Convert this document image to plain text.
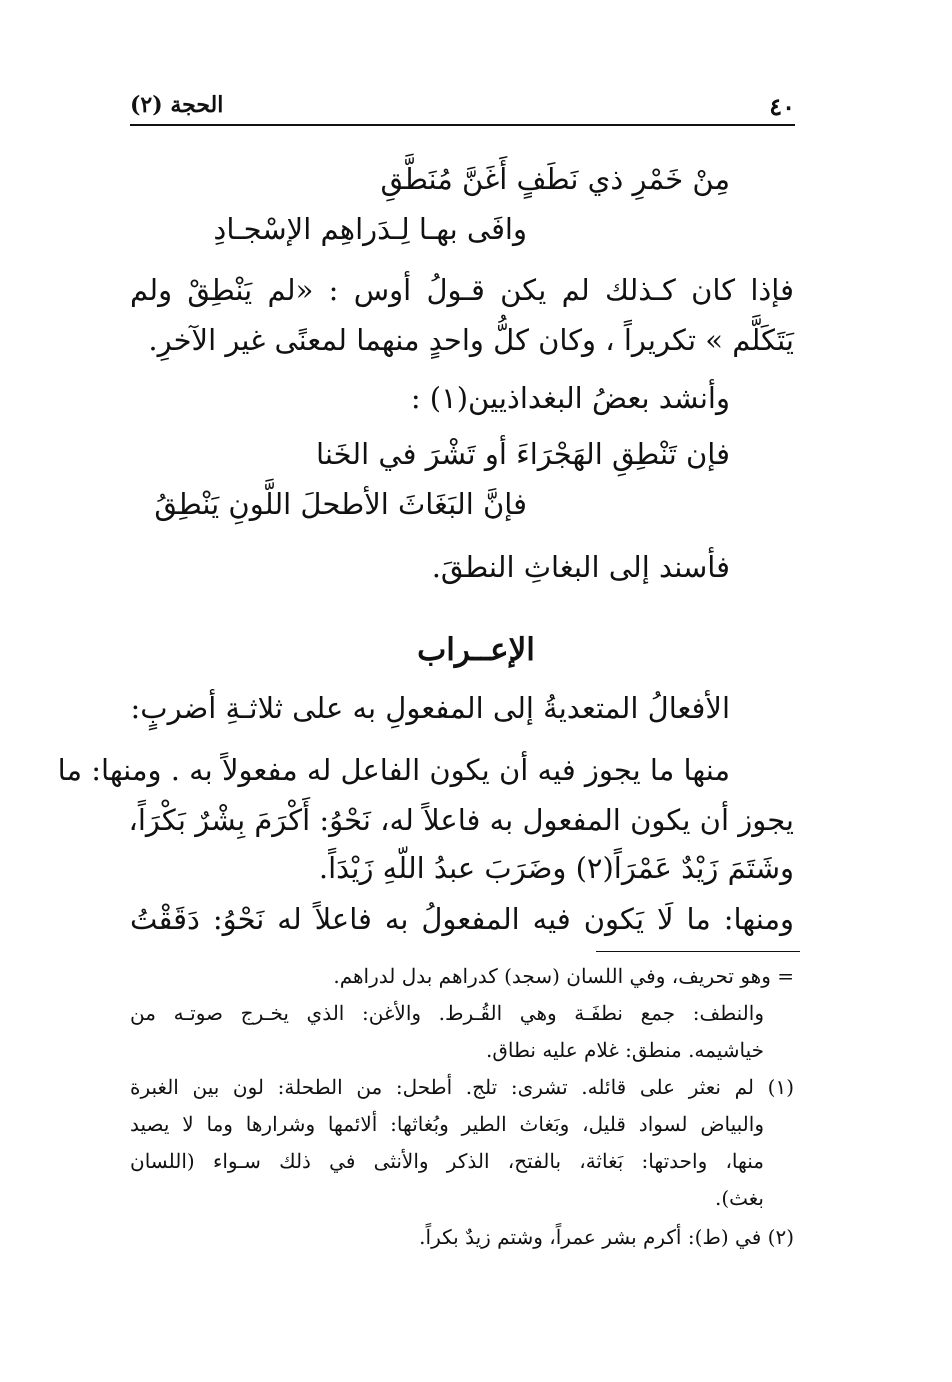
الحجة (٢)	٤٠
مِنْ خَمْرِ ذي نَطَفٍ أَغَنَّ مُنَطَّقِ
وافَى بهـا لِـدَراهِم الإسْجـادِ
فإذا كان كـذلك لم يكن قـولُ أوس : «لم يَنْطِقْ ولم
يَتَكَلَّم » تكريراً ، وكان كلُّ واحدٍ منهما لمعنًى غير الآخرِ.
وأنشد بعضُ البغداذيين(١) :
فإن تَنْطِقِ الهَجْرَاءَ أو تَشْرَ في الخَنا
فإنَّ البَغَاثَ الأطحلَ اللَّونِ يَنْطِقُ
فأسند إلى البغاثِ النطقَ.
الإعــراب
الأفعالُ المتعديةُ إلى المفعولِ به على ثلاثـةِ أضربٍ:
منها ما يجوز فيه أن يكون الفاعل له مفعولاً به . ومنها: ما
يجوز أن يكون المفعول به فاعلاً له، نَحْوُ: أَكْرَمَ بِشْرٌ بَكْرَاً،
وشَتَمَ زَيْدٌ عَمْرَاً(٢) وضَرَبَ عبدُ اللّهِ زَيْدَاً.
ومنها: ما لَا يَكون فيه المفعولُ به فاعلاً له نَحْوُ: دَقَقْتُ
= وهو تحريف، وفي اللسان (سجد) كدراهم بدل لدراهم.
والنطف: جمع نطفَـة وهي القُـرط. والأغن: الذي يخـرج صوتـه من
خياشيمه. منطق: غلام عليه نطاق.
(١) لم نعثر على قائله. تشرى: تلج. أطحل: من الطحلة: لون بين الغبرة
والبياض لسواد قليل، وبَغاث الطير وبُغاثها: ألائمها وشرارها وما لا يصيد
منها، واحدتها: بَغاثة، بالفتح، الذكر والأنثى في ذلك سـواء (اللسان
بغث).
(٢) في (ط): أكرم بشر عمراً، وشتم زيدٌ بكراً.
